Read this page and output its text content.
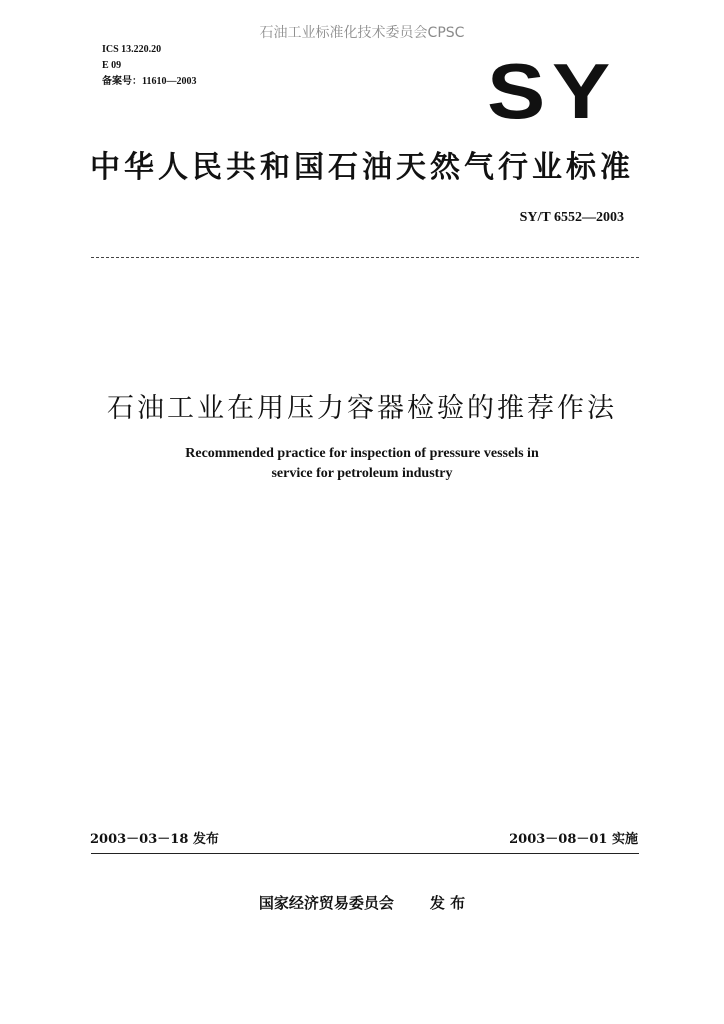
石油工业标准化技术委员会CPSC
ICS 13.220.20
E 09
备案号：11610—2003	SY
中华人民共和国石油天然气行业标准
SY/T 6552—2003
石油工业在用压力容器检验的推荐作法
Recommended practice for inspection of pressure vessels in
service for petroleum industry
2003－03－18 发布	2003－08－01 实施
国家经济贸易委员会 发 布
